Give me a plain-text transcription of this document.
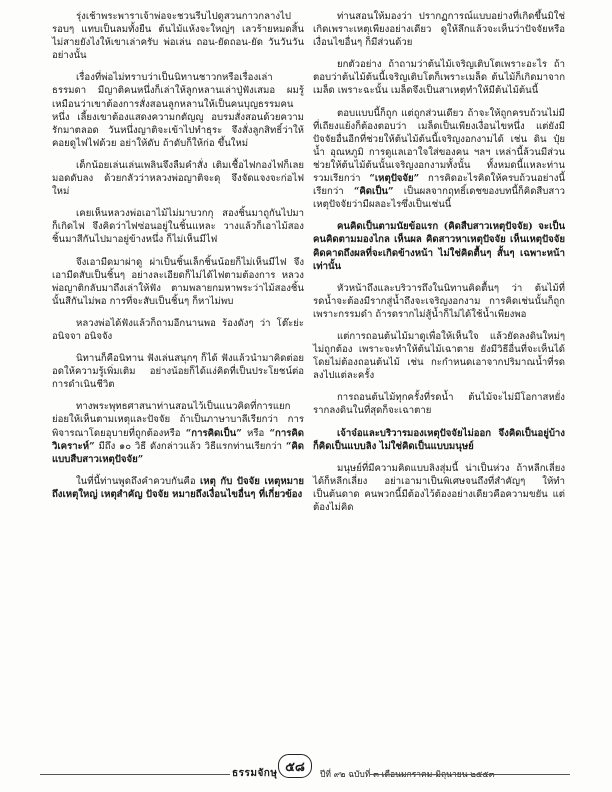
รุ่งเช้าพระพาราเจ้าพ่อจะชวนรีบไปดูสวนกาวกลางไปรอบๆ แทบเป็นลมทั้งยืน ต้นไม้แห้งจะใหญ่ๆ เลวร้ายหมดสิ้น ไม่สายยังไงให้เขาเล่าครับ พ่อเล่น ถอน-ยัดถอน-ยัด วันวันวันอย่างนั้น

เรื่องที่พ่อไม่ทราบว่าเป็นนิทานชาวกหรือเรื่องเล่าธรรมดา มีญาติคนหนึ่งก็เล่าให้ลูกหลานเล่าปู่ฟังเสมอ ผมรู้เหมือนว่าเขาต้องการสั่งสอนลูกหลานให้เป็นคนบุญธรรมคนหนึ่ง เลี้ยงเขาต้องแสดงความกตัญญู อบรมสั่งสอนด้วยความรักมาตลอด วันหนึ่งญาติจะเข้าไปทำธุระ จึงสั่งลูกสิทธิ์ว่าให้คอยดูไฟไฟด้วย อย่าให้ดับ ถ้าดับก็ให้ก่อ ขึ้นใหม่

เด็กน้อยเล่นเล่นเพลินจึงลืมคำสั่ง เติมเชื้อไฟกองไฟก็เลยมอดดับลง ด้วยกลัวว่าหลวงพ่อญาติจะดุ จึงจัดแจงจะก่อไฟใหม่

เคยเห็นหลวงพ่อเอาไม้ไม่มาบวกกุ สองชิ้นมาถูกันไปมาก็เกิดไฟ จึงคิดว่าไฟซ่อนอยู่ในชิ้นแหละ วางแล้วก็เอาไม้สองชิ้นมาสีกันไปมาอยู่ข้างหนึ่ง ก็ไม่เห็นมีไฟ

จึงเอามีดมาผ่าดู ผ่าเป็นชิ้นเล็กชิ้นน้อยก็ไม่เห็นมีไฟ จึงเอามีดสับเป็นชิ้นๆ อย่างละเอียดก็ไม่ได้ไฟตามต้องการ หลวงพ่อญาติกลับมาถึงเล่าให้ฟัง ตามพลายกมหาพระว่าไม้สองชิ้นนั้นสีกันไม่พอ การที่จะสับเป็นชิ้นๆ ก็หาไม่พบ

หลวงพ่อได้ฟังแล้วก็ถามอีกนานพอ ร้องดังๆ ว่า โต๊ะย่ะ อนิจจา อนิจจัง

นิทานก็คือนิทาน ฟังเล่นสนุกๆ ก็ได้ ฟังแล้วนำมาคิดต่อยอดให้ความรู้เพิ่มเติม อย่างน้อยก็ได้แง่คิดที่เป็นประโยชน์ต่อการดำเนินชีวิต

ทางพระพุทธศาสนาท่านสอนไว้เป็นแนวคิดที่การแยกย่อยให้เห็นตามเหตุและปัจจัย ถ้าเป็นภาษาบาลีเรียกว่า การพิจารณาโดยอุบายที่ถูกต้องหรือ “การคิดเป็น” หรือ “การคิดวิเคราะห์” มีถึง ๑๐ วิธี ดังกล่าวแล้ว วิธีแรกท่านเรียกว่า “คิดแบบสืบสาวเหตุปัจจัย”

ในที่นี้ท่านพูดถึงคำควบกันคือ เหตุ กับ ปัจจัย เหตุหมายถึงเหตุใหญ่ เหตุสำคัญ ปัจจัย หมายถึงเงื่อนไขอื่นๆ ที่เกี่ยวข้อง

ท่านสอนให้มองว่า ปรากฏการณ์แบบอย่างที่เกิดขึ้นมิใช่เกิดเพราะเหตุเพียงอย่างเดียว ดูให้ลึกแล้วจะเห็นว่าปัจจัยหรือเงื่อนไขอื่นๆ ก็มีส่วนด้วย

ยกตัวอย่าง ถ้าถามว่าต้นไม้เจริญเติบโตเพราะอะไร ถ้าตอบว่าต้นไม้ต้นนี้เจริญเติบโตก็เพราะเมล็ด ต้นไม้ก็เกิดมาจากเมล็ด เพราะฉะนั้น เมล็ดจึงเป็นสาเหตุทำให้มีต้นไม้ต้นนี้

ตอบแบบนี้ก็ถูก แต่ถูกส่วนเดียว ถ้าจะให้ถูกครบถ้วนไม่มีที่เถียงแย้งก็ต้องตอบว่า เมล็ดเป็นเพียงเงื่อนไขหนึ่ง แต่ยังมีปัจจัยอื่นอีกที่ช่วยให้ต้นไม้ต้นนี้เจริญงอกงามได้ เช่น ดิน ปุ๋ย น้ำ อุณหภูมิ การดูแลเอาใจใส่ของคน ฯลฯ เหล่านี้ล้วนมีส่วนช่วยให้ต้นไม้ต้นนั้นเจริญงอกงามทั้งนั้น ทั้งหมดนี้แหละท่านรวมเรียกว่า “เหตุปัจจัย” การคิดอะไรคิดให้ครบถ้วนอย่างนี้ เรียกว่า “คิดเป็น” เป็นผลจากฤทธิ์เดชของบทนี้ก็คิดสืบสาวเหตุปัจจัยว่ามีผลอะไรซึ่งเป็นเช่นนี้

คนคิดเป็นตามนัยข้อแรก (คิดสืบสาวเหตุปัจจัย) จะเป็นคนคิดตามมองไกล เห็นผล คิดสาวหาเหตุปัจจัย เห็นเหตุปัจจัยคิดคาดถึงผลที่จะเกิดข้างหน้า ไม่ใช่คิดตื้นๆ สั้นๆ เฉพาะหน้าเท่านั้น

หัวหน้าถึงและบริวารถึงในนิทานคิดตื้นๆ ว่า ต้นไม้ที่รดน้ำจะต้องมีรากสู่น้ำถึงจะเจริญงอกงาม การคิดเช่นนั้นก็ถูก เพราะกรรมดำ ถ้ารดรากไม่สู้น้ำก็ไม่ได้ใช้น้ำเพียงพอ

แต่การถอนต้นไม้มาดูเพื่อให้เห็นใจ แล้วยัดลงดินใหม่ๆ ไม่ถูกต้อง เพราะจะทำให้ต้นไม้เฉาตาย ยังมีวิธีอื่นที่จะเห็นได้โดยไม่ต้องถอนต้นไม้ เช่น กะกำหนดเอาจากปริมาณน้ำที่รดลงไปแต่ละครั้ง

การถอนต้นไม้ทุกครั้งที่รดน้ำ ต้นไม้จะไม่มีโอกาสหยั่งรากลงดินในที่สุดก็จะเฉาตาย

เจ้าจ๋อและบริวารมองเหตุปัจจัยไม่ออก จึงคิดเป็นอยู่บ้างก็คิดเป็นแบบลิง ไม่ใช่คิดเป็นแบบมนุษย์

มนุษย์ที่มีความคิดแบบลิงสุ่มนี้ น่าเป็นห่วง ถ้าหลีกเลี่ยงได้ก็หลีกเลี่ยง อย่าเอามาเป็นพิเศษจนถึงที่สำคัญๆ ให้ทำเป็นต้นดาด คนพวกนี้มีต้องไว้ต้องอย่างเดียวคือความขยัน แต่ต้องไม่คิด

ธรรมจักษุ ๕๘
ปีที่ ๙๒ ฉบับที่ ๓ เดือนมกราคม-มิถุนายน ๒๕๕๓
